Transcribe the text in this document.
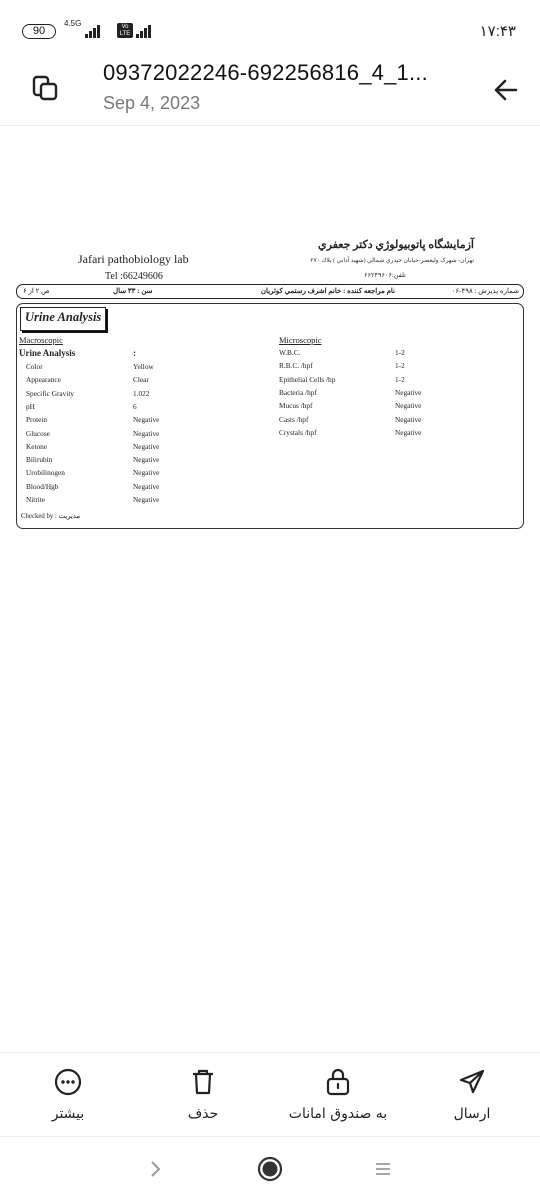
90
4.5G	Vo LTE	۱۷:۴۳
09372022246-692256816_4_1...
Sep 4, 2023
Jafari pathobiology lab
Tel :66249606
آزمايشگاه پاتوبيولوژي دكتر جعفري
تهران- شهرک وليعصر-خيابان حيدري شمالي (شهيد آدابي ) پلاك ۲۷۰
تلفن:۶۶۲۴۹۶۰۶
شماره پذيرش : ۴۹۸-۰۶
نام مراجعه كننده : خانم اشرف رستمي كوثريان
سن : ۳۳ سال
ص ۲ از ۶
Urine Analysis
Macroscopic
Urine Analysis	:
Color	Yellow
Appearance	Clear
Specific Gravity	1.022
pH	6
Protein	Negative
Glucose	Negative
Ketone	Negative
Bilirubin	Negative
Urobilinogen	Negative
Blood/Hgb	Negative
Nitrite	Negative
Microscopic
W.B.C.	1-2
R.B.C. /hpf	1-2
Epithelial Cells /hp	1-2
Bacteria /hpf	Negative
Mucus /hpf	Negative
Casts /hpf	Negative
Crystals /hpf	Negative
Checked by : مدیریت
بیشتر	حذف	به صندوق امانات	ارسال
